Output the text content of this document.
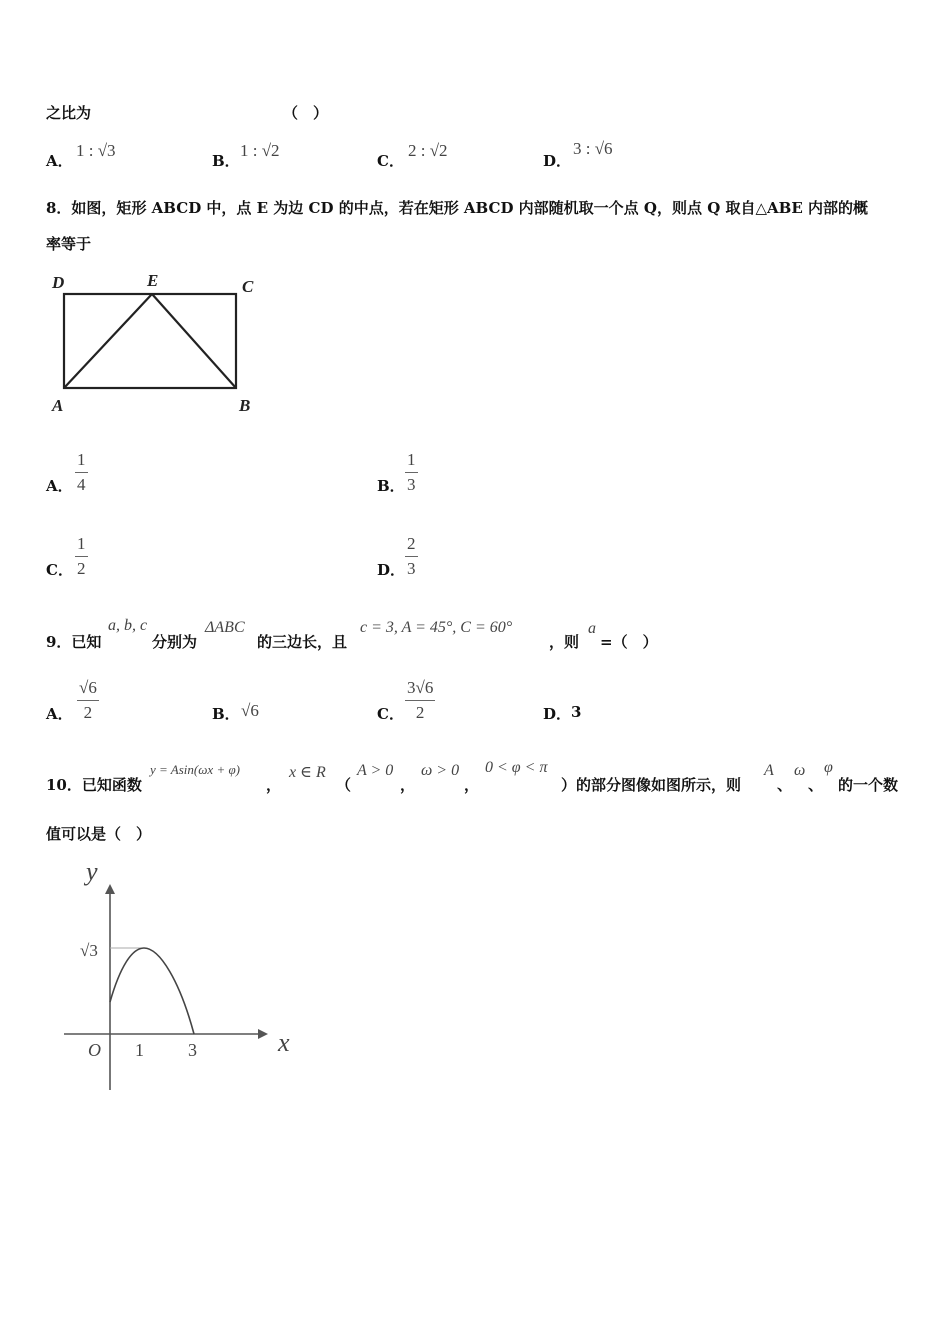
之比为	（　）
A．
1 : √3
B．
1 : √2
C．
2 : √2
D．
3 : √6
8．如图，矩形 ABCD 中，点 E 为边 CD 的中点，若在矩形 ABCD 内部随机取一个点 Q，则点 Q 取自△ABE 内部的概
率等于
D	E	C
A	B
A．
1
4	B．
1
3
C．
1
2	D．
2
3
9．已知
a, b, c
分别为
ΔABC
的三边长，且
c = 3, A = 45°, C = 60°
，则
a
=（　）
A．
√6
2	B． √6	C．
3√6
2	D． 3
10．已知函数
y = Asin(ωx + φ)
，
x ∈ R
（
A > 0
，
ω > 0
，
0 < φ < π
）的部分图像如图所示，则
A
、
ω
、
φ
的一个数
值可以是（　）
y
x
O 1 3
√3
